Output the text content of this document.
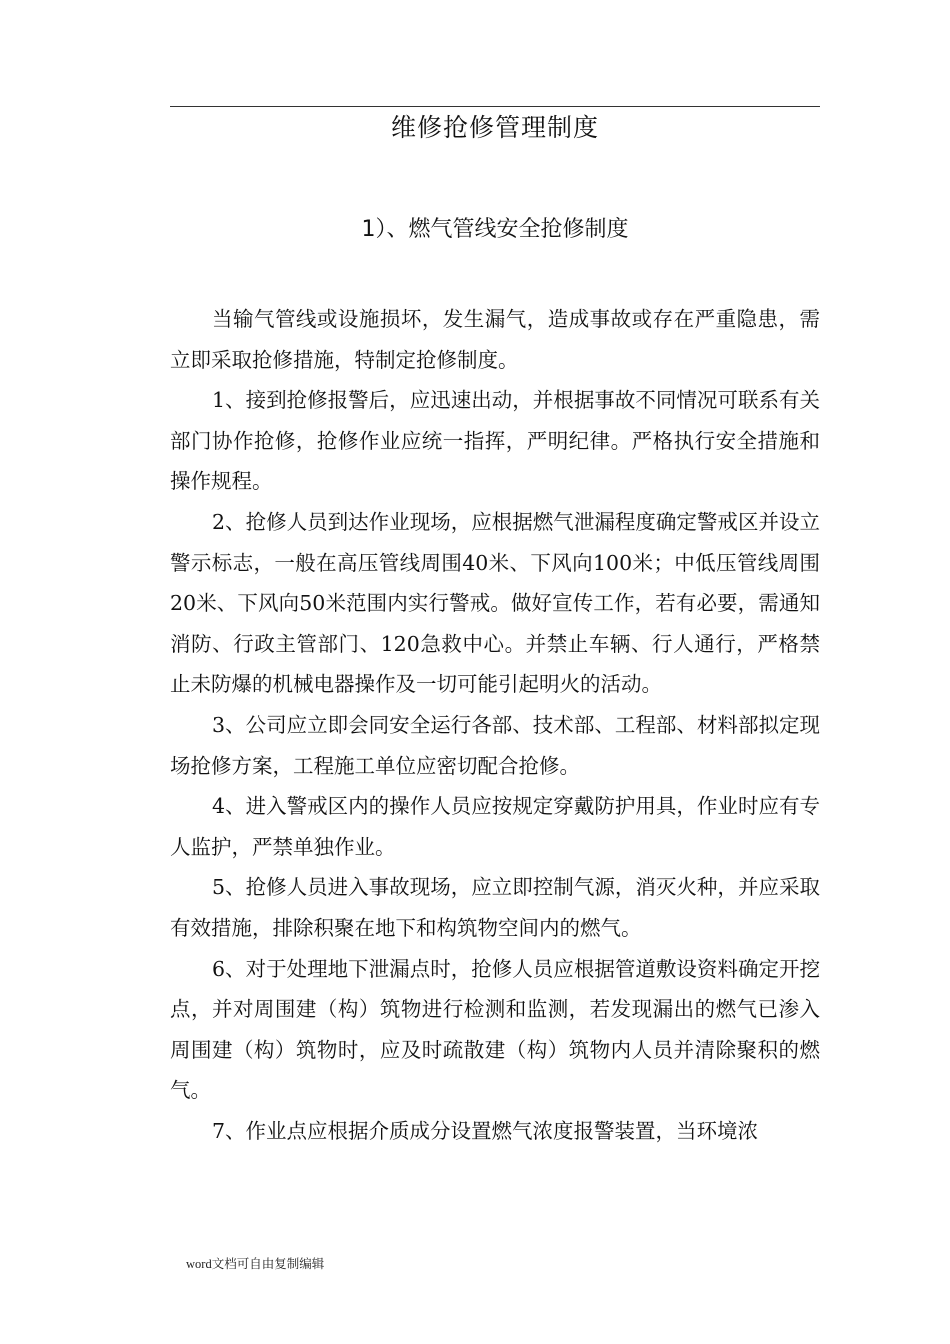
维修抢修管理制度
1）、燃气管线安全抢修制度

当输气管线或设施损坏，发生漏气，造成事故或存在严重隐患，需立即采取抢修措施，特制定抢修制度。

1、接到抢修报警后，应迅速出动，并根据事故不同情况可联系有关部门协作抢修，抢修作业应统一指挥，严明纪律。严格执行安全措施和操作规程。

2、抢修人员到达作业现场，应根据燃气泄漏程度确定警戒区并设立警示标志，一般在高压管线周围40米、下风向100米；中低压管线周围20米、下风向50米范围内实行警戒。做好宣传工作，若有必要，需通知消防、行政主管部门、120急救中心。并禁止车辆、行人通行，严格禁止未防爆的机械电器操作及一切可能引起明火的活动。

3、公司应立即会同安全运行各部、技术部、工程部、材料部拟定现场抢修方案，工程施工单位应密切配合抢修。

4、进入警戒区内的操作人员应按规定穿戴防护用具，作业时应有专人监护，严禁单独作业。

5、抢修人员进入事故现场，应立即控制气源，消灭火种，并应采取有效措施，排除积聚在地下和构筑物空间内的燃气。

6、对于处理地下泄漏点时，抢修人员应根据管道敷设资料确定开挖点，并对周围建（构）筑物进行检测和监测，若发现漏出的燃气已渗入周围建（构）筑物时，应及时疏散建（构）筑物内人员并清除聚积的燃气。

7、作业点应根据介质成分设置燃气浓度报警装置，当环境浓

word文档可自由复制编辑
